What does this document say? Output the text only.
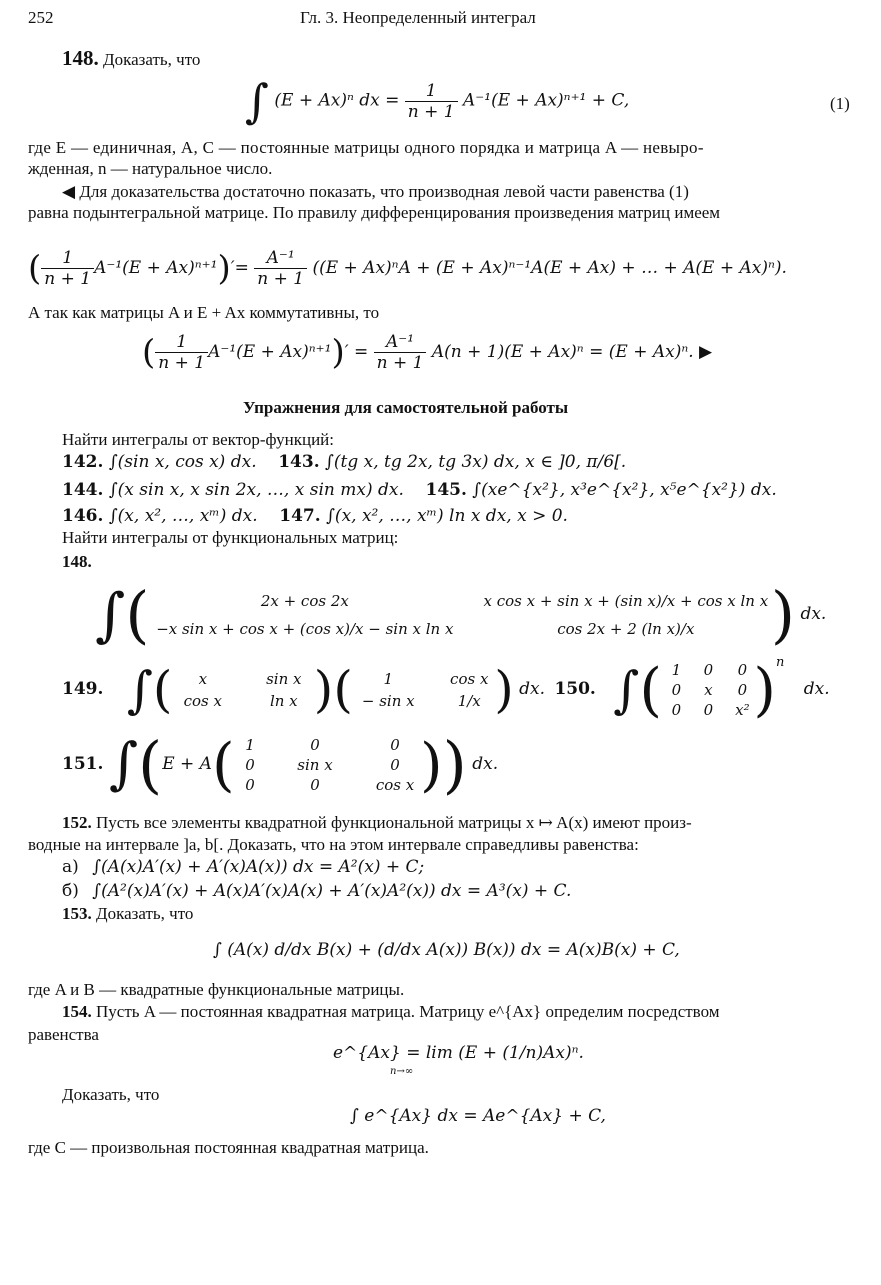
252	Гл. 3. Неопределенный интеграл
148. Доказать, что
∫ (E + Ax)ⁿ dx = $\frac{1}{n + 1} A^{-1}(E + Ax)^{n+1} + C$,	(1)
где E — единичная, A, C — постоянные матрицы одного порядка и матрица A — невыро-
жденная, n — натуральное число.
◀ Для доказательства достаточно показать, что производная левой части равенства (1)
равна подынтегральной матрице. По правилу дифференцирования произведения матриц имеем
( $\frac{1}{n + 1} A^{-1}(E + Ax)^{n+1})'= \frac{\text{A⁻¹}}{n + 1} ((E + Ax)^nA + (E + Ax)^{n-1}A(E + Ax)$ + … + A(E + Ax)ⁿ).
А так как матрицы A и E + Ax коммутативны, то
( $\frac{1}{n + 1} A^{-1}(E + Ax)^{n+1})' = \frac{\text{A⁻¹}}{n + 1} A(n + 1)(E + Ax)^n = (E + Ax)^n$. ▶
Упражнения для самостоятельной работы
Найти интегралы от вектор-функций:
142. ∫(sin x, cos x) dx. 143. ∫(tg x, tg 2x, tg 3x) dx, x ∈ ]0, π/6[.
144. ∫(x sin x, x sin 2x, …, x sin mx) dx. 145. ∫(xe^{x²}, x³e^{x²}, x⁵e^{x²}) dx.
146. ∫(x, x², …, xᵐ) dx. 147. ∫(x, x², …, xᵐ) ln x dx, x > 0.
Найти интегралы от функциональных матриц:
148.
∫(	2x + cos 2x	x cos x + sin x + (sin x)/x + cos x ln x
−x sin x + cos x + (cos x)/x − sin x ln x	cos 2x + 2 (ln x)/x	) dx.
149. ∫(	x	sin x
cos x	ln x )(	1	cos x
− sin x	1/x ) dx. 150. ∫( 1 0	0
0	x	0
0 0 x² )$^n$ dx.
151. ∫(E + A( 1	0	0
0	sin x	0
0	0	cos x )) dx.
152. Пусть все элементы квадратной функциональной матрицы x ↦ A(x) имеют произ-
водные на интервале ]a, b[. Доказать, что на этом интервале справедливы равенства:
а) ∫(A(x)A′(x) + A′(x)A(x)) dx = A²(x) + C;
б) ∫(A²(x)A′(x) + A(x)A′(x)A(x) + A′(x)A²(x)) dx = A³(x) + C.
153. Доказать, что
∫ (A(x) d/dx B(x) + (d/dx A(x)) B(x)) dx = A(x)B(x) + C,
где A и B — квадратные функциональные матрицы.
154. Пусть A — постоянная квадратная матрица. Матрицу e^{Ax} определим посредством
равенства
e^{Ax} = lim (E + (1/n)Ax)ⁿ.
n→∞
Доказать, что
∫ e^{Ax} dx = Ae^{Ax} + C,
где C — произвольная постоянная квадратная матрица.
